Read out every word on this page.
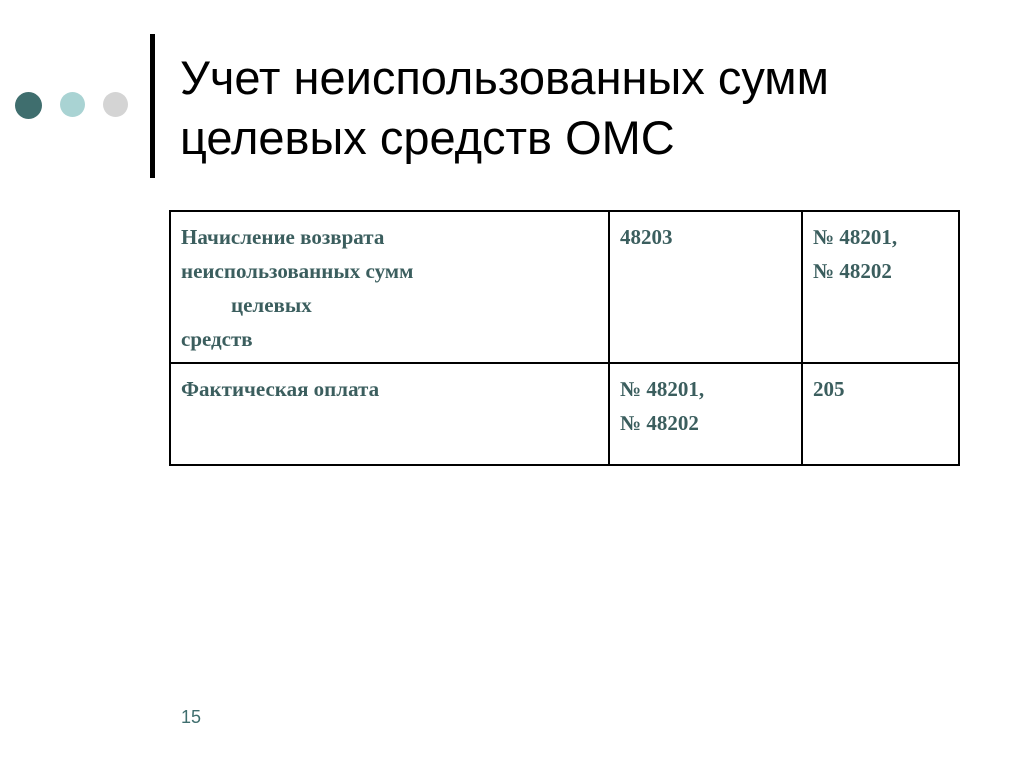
Учет неиспользованных сумм
целевых средств ОМС
Начисление возврата
неиспользованных сумм
целевых
средств	48203	№ 48201,
№ 48202

Фактическая оплата	№ 48201,
№ 48202	205
15
